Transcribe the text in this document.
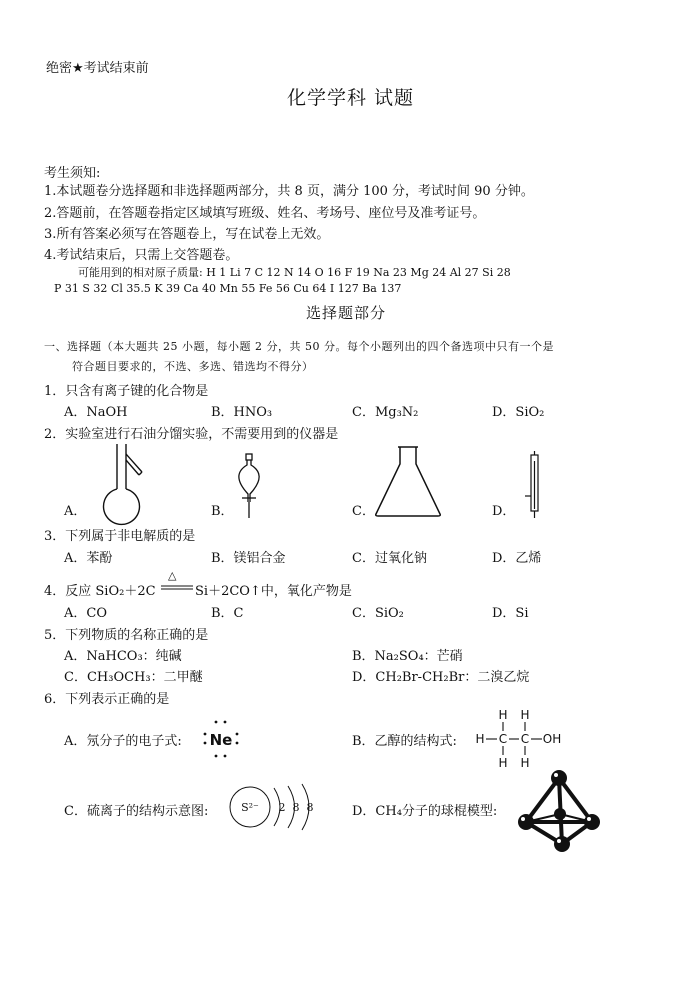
绝密★考试结束前
化学学科 试题
考生须知:
1.本试题卷分选择题和非选择题两部分，共 8 页，满分 100 分，考试时间 90 分钟。
2.答题前，在答题卷指定区域填写班级、姓名、考场号、座位号及准考证号。
3.所有答案必须写在答题卷上，写在试卷上无效。
4.考试结束后，只需上交答题卷。
可能用到的相对原子质量: H 1 Li 7 C 12 N 14 O 16 F 19 Na 23 Mg 24 Al 27 Si 28
P 31 S 32 Cl 35.5 K 39 Ca 40 Mn 55 Fe 56 Cu 64 I 127 Ba 137
选择题部分
一、选择题（本大题共 25 小题，每小题 2 分，共 50 分。每个小题列出的四个备选项中只有一个是
符合题目要求的，不选、多选、错选均不得分）
1．只含有离子键的化合物是
A．NaOH	B．HNO₃	C．Mg₃N₂	D．SiO₂
2．实验室进行石油分馏实验，不需要用到的仪器是
A．	B．	C．	D．
3．下列属于非电解质的是
A．苯酚	B．镁铝合金	C．过氧化钠	D．乙烯
4．反应 SiO₂＋2C
△
Si＋2CO↑中，氧化产物是
A．CO	B．C	C．SiO₂	D．Si
5．下列物质的名称正确的是
A．NaHCO₃：纯碱	B．Na₂SO₄：芒硝
C．CH₃OCH₃：二甲醚	D．CH₂Br-CH₂Br：二溴乙烷
6．下列表示正确的是
A．氖分子的电子式: Ne	B．乙醇的结构式:
H H
H C C OH
H H
C．硫离子的结构示意图:	S²⁻ 2 8 8	D．CH₄分子的球棍模型:
